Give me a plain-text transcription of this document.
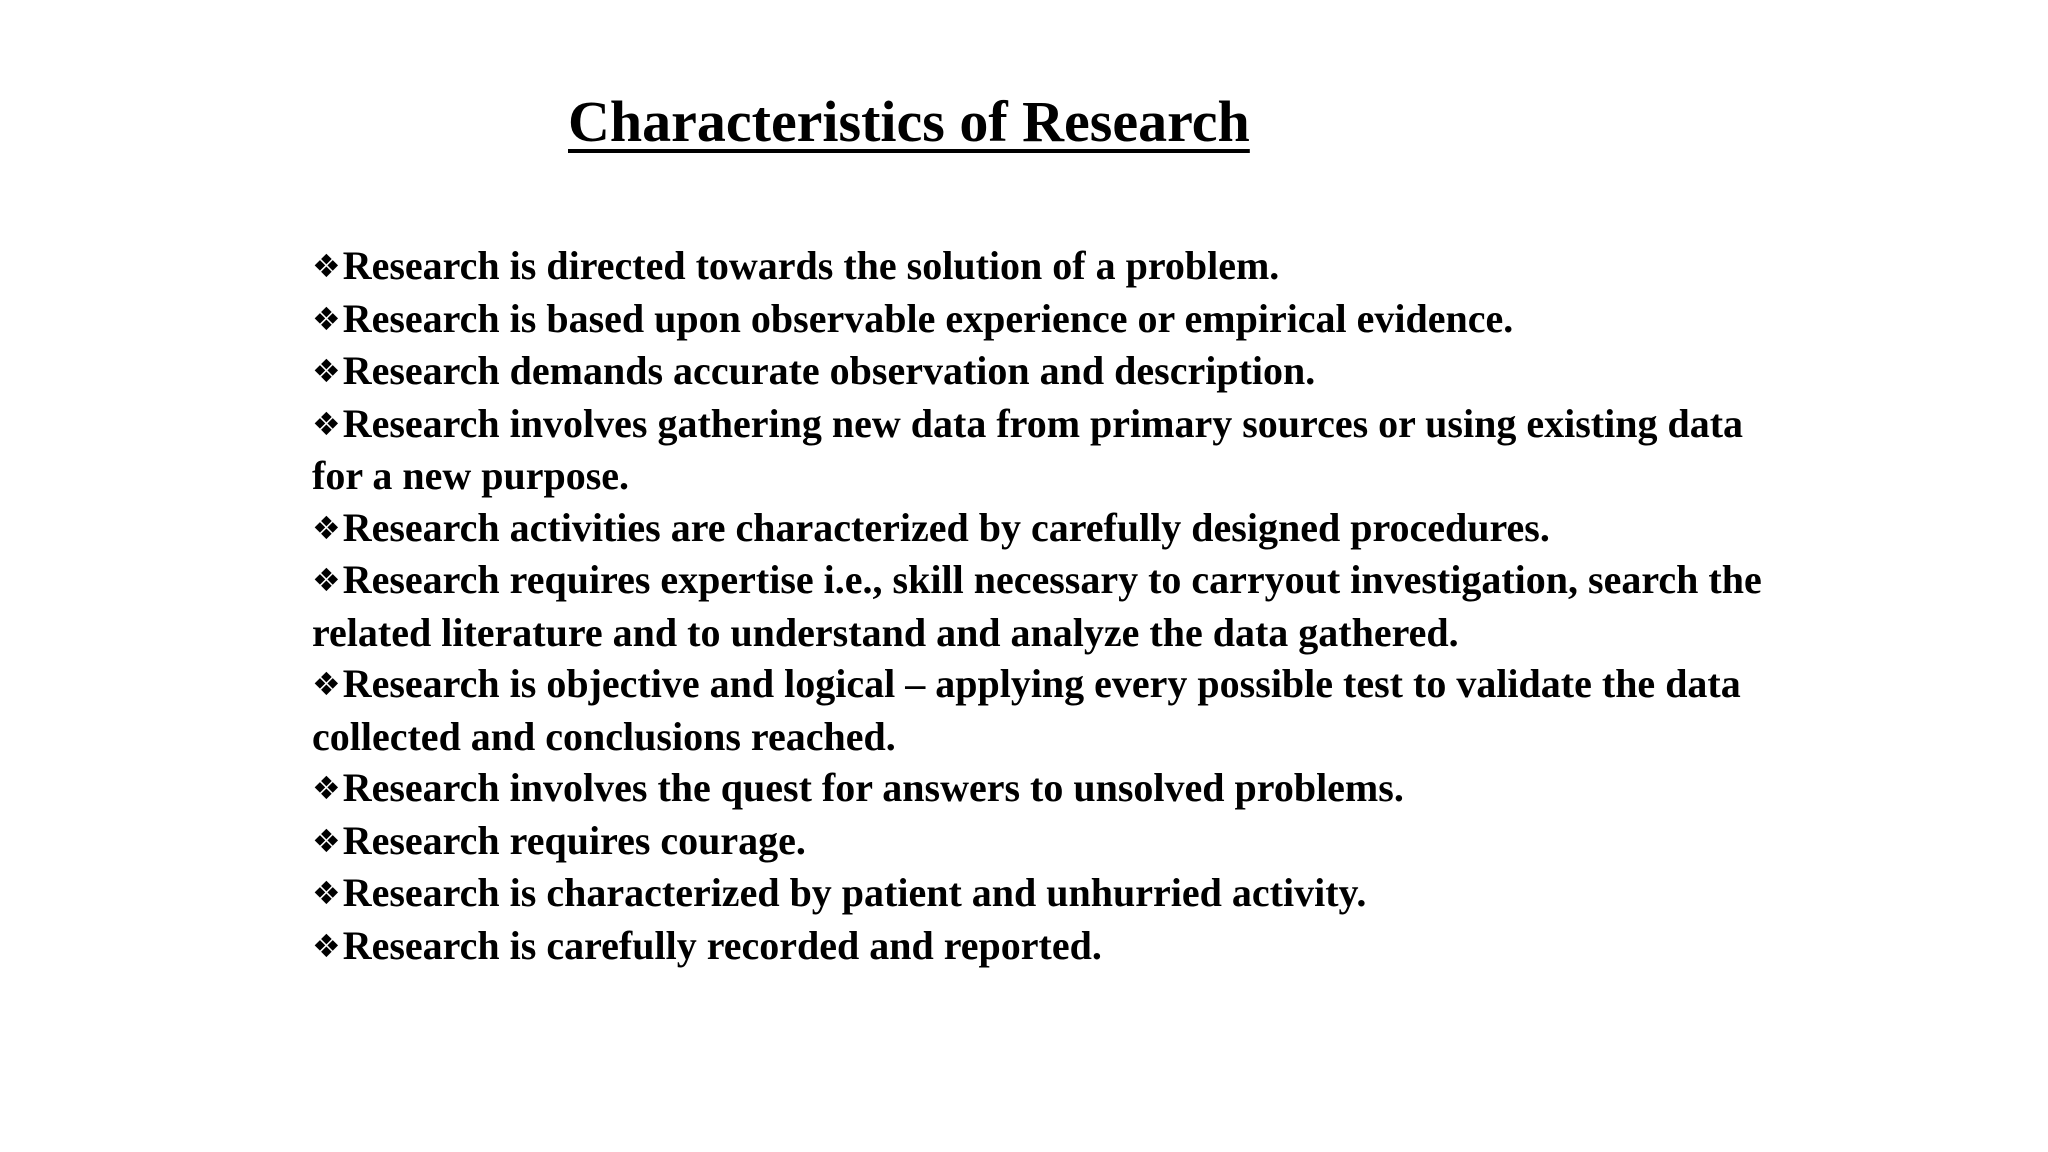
Characteristics of Research
❖Research is directed towards the solution of a problem.
❖Research is based upon observable experience or empirical evidence.
❖Research demands accurate observation and description.
❖Research involves gathering new data from primary sources or using existing data for a new purpose.
❖Research activities are characterized by carefully designed procedures.
❖Research requires expertise i.e., skill necessary to carryout investigation, search the related literature and to understand and analyze the data gathered.
❖Research is objective and logical – applying every possible test to validate the data collected and conclusions reached.
❖Research involves the quest for answers to unsolved problems.
❖Research requires courage.
❖Research is characterized by patient and unhurried activity.
❖Research is carefully recorded and reported.
